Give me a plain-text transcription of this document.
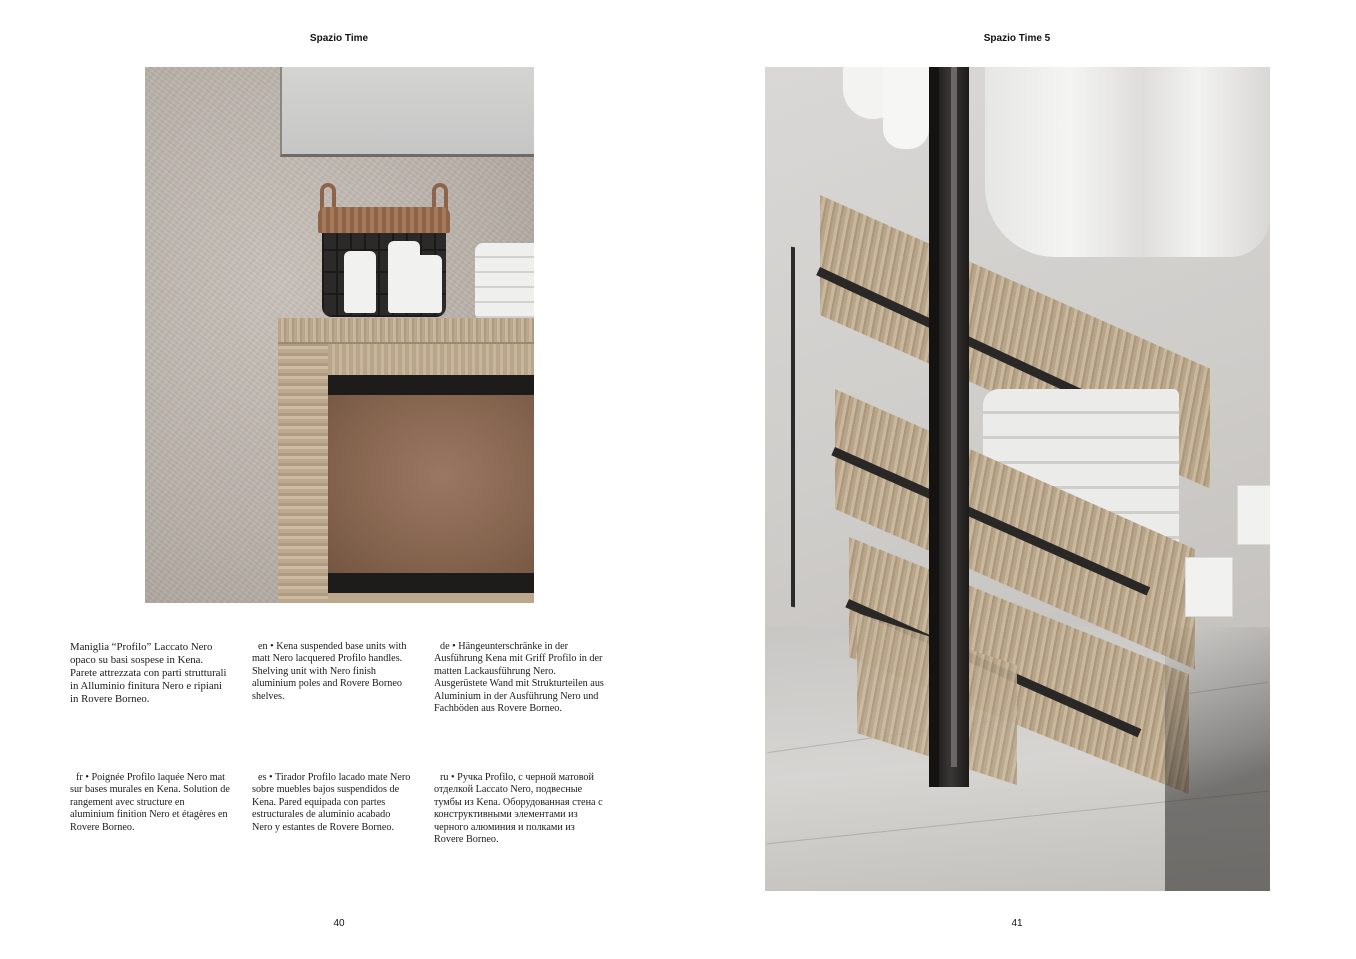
Spazio Time
Maniglia “Profilo” Laccato Nero opaco su basi sospese in Kena. Parete attrezzata con parti strutturali in Alluminio finitura Nero e ripiani in Rovere Borneo.
en • Kena suspended base units with matt Nero lacquered Profilo handles. Shelving unit with Nero finish aluminium poles and Rovere Borneo shelves.
de • Hängeunterschränke in der Ausführung Kena mit Griff Profilo in der matten Lackausführung Nero. Ausgerüstete Wand mit Strukturteilen aus Aluminium in der Ausführung Nero und Fachböden aus Rovere Borneo.
fr • Poignée Profilo laquée Nero mat sur bases murales en Kena. Solution de rangement avec structure en aluminium finition Nero et étagères en Rovere Borneo.
es • Tirador Profilo lacado mate Nero sobre muebles bajos suspendidos de Kena. Pared equipada con partes estructurales de aluminio acabado Nero y estantes de Rovere Borneo.
ru • Ручка Profilo, с черной матовой отделкой Laccato Nero, подвесные тумбы из Kena. Оборудованная стена с конструктивными элементами из черного алюминия и полками из Rovere Borneo.
40
Spazio Time 5
41
